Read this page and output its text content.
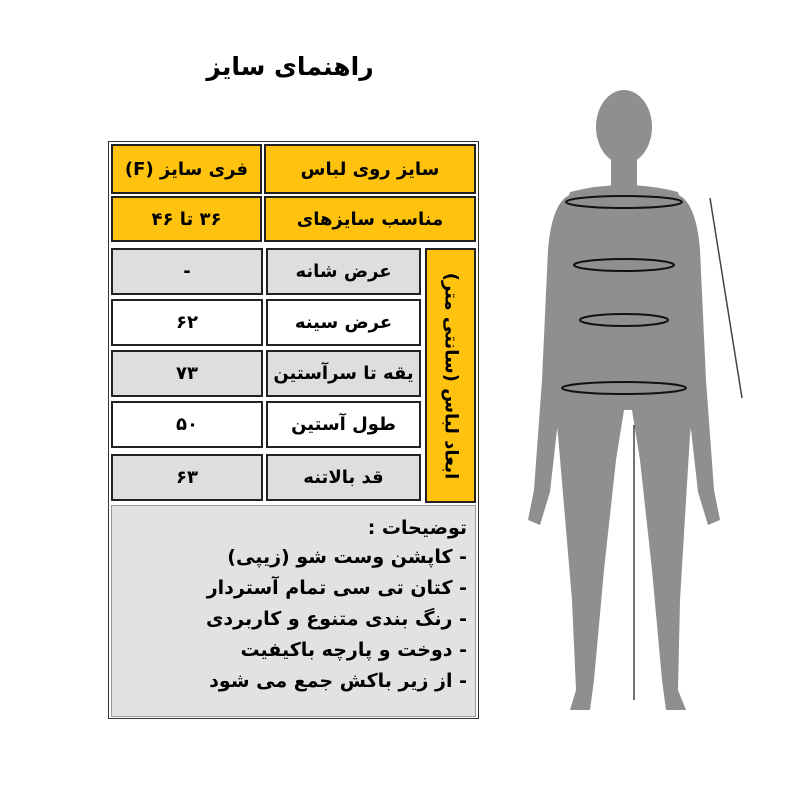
راهنمای سایز
سایز روی لباس
فری سایز (F)
مناسب سایزهای
۳۶ تا ۴۶
عرض شانه
-
عرض سینه
۶۲
یقه تا سرآستین
۷۳
طول آستین
۵۰
قد بالاتنه
۶۳	ابعاد لباس (سانتی متر)
توضیحات :
- کاپشن وست شو (زیپی)
- کتان تی سی تمام آستردار
- رنگ بندی متنوع و کاربردی
- دوخت و پارچه باکیفیت
- از زیر باکش جمع می شود
